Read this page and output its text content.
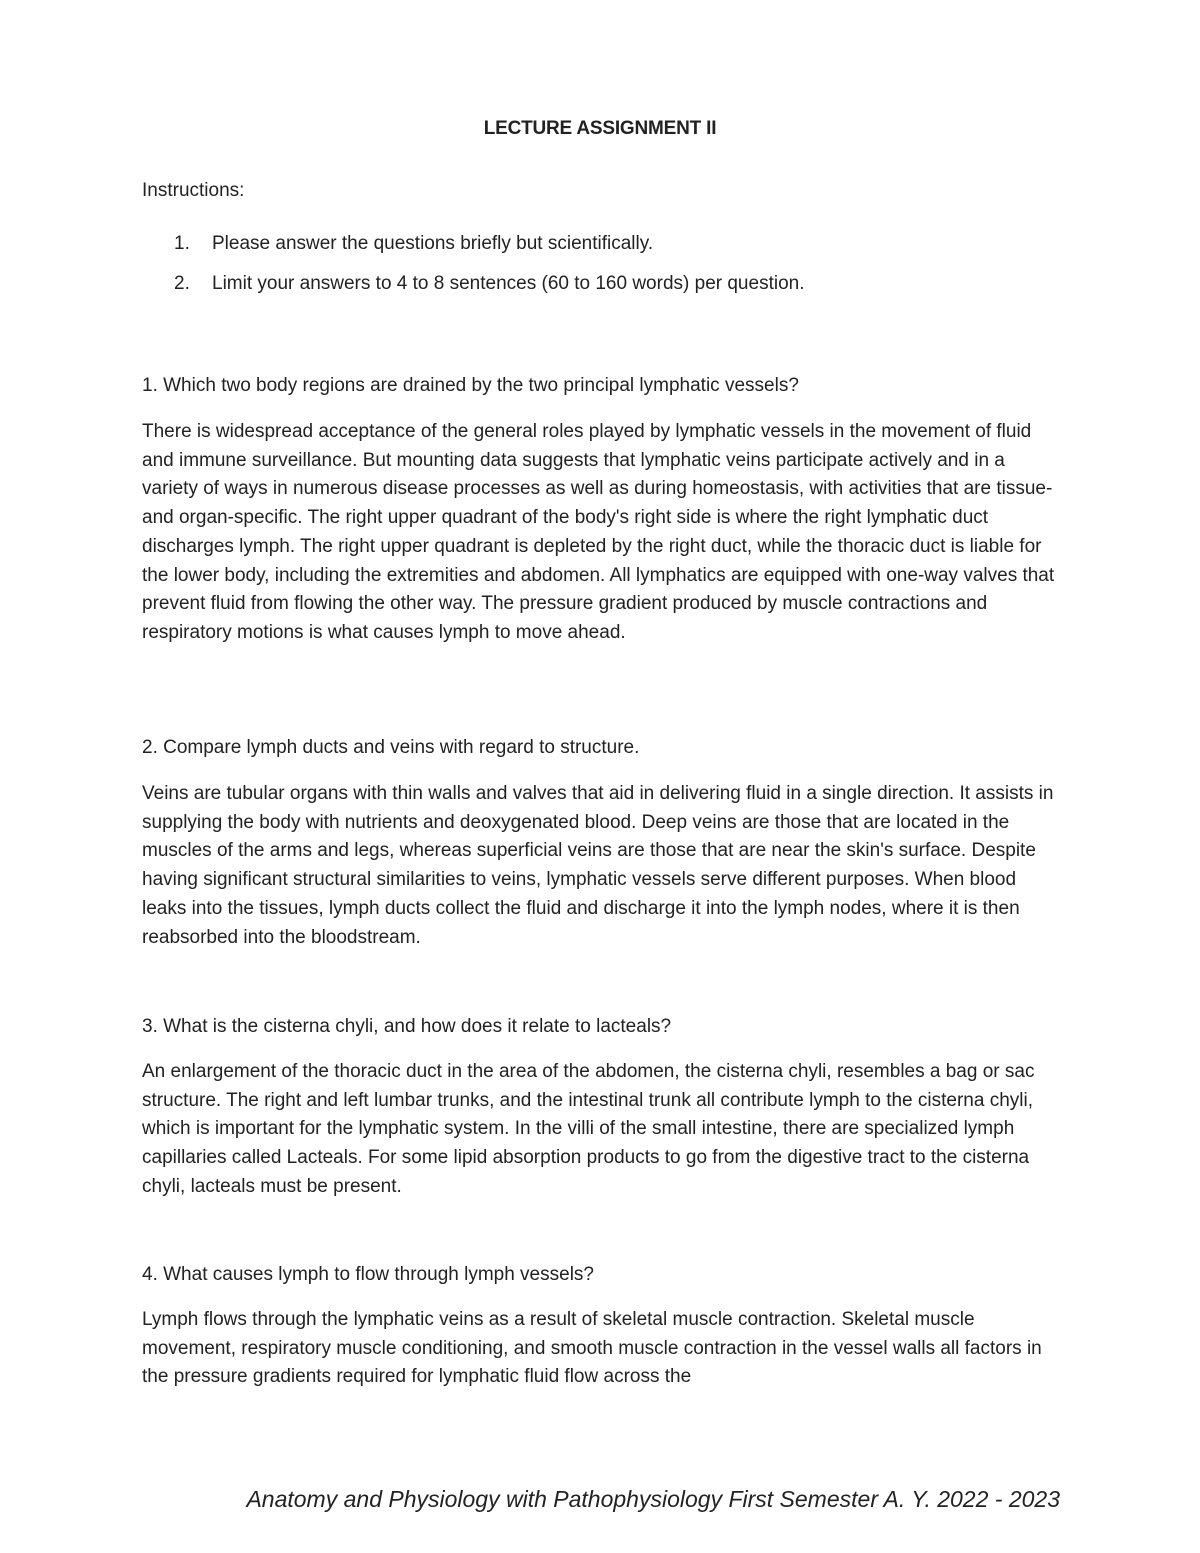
LECTURE ASSIGNMENT II
Instructions:
1. Please answer the questions briefly but scientifically.
2. Limit your answers to 4 to 8 sentences (60 to 160 words) per question.
1. Which two body regions are drained by the two principal lymphatic vessels?

There is widespread acceptance of the general roles played by lymphatic vessels in the movement of fluid and immune surveillance. But mounting data suggests that lymphatic veins participate actively and in a variety of ways in numerous disease processes as well as during homeostasis, with activities that are tissue- and organ-specific. The right upper quadrant of the body's right side is where the right lymphatic duct discharges lymph. The right upper quadrant is depleted by the right duct, while the thoracic duct is liable for the lower body, including the extremities and abdomen. All lymphatics are equipped with one-way valves that prevent fluid from flowing the other way. The pressure gradient produced by muscle contractions and respiratory motions is what causes lymph to move ahead.

2. Compare lymph ducts and veins with regard to structure.

Veins are tubular organs with thin walls and valves that aid in delivering fluid in a single direction. It assists in supplying the body with nutrients and deoxygenated blood. Deep veins are those that are located in the muscles of the arms and legs, whereas superficial veins are those that are near the skin's surface. Despite having significant structural similarities to veins, lymphatic vessels serve different purposes. When blood leaks into the tissues, lymph ducts collect the fluid and discharge it into the lymph nodes, where it is then reabsorbed into the bloodstream.

3. What is the cisterna chyli, and how does it relate to lacteals?

An enlargement of the thoracic duct in the area of the abdomen, the cisterna chyli, resembles a bag or sac structure. The right and left lumbar trunks, and the intestinal trunk all contribute lymph to the cisterna chyli, which is important for the lymphatic system. In the villi of the small intestine, there are specialized lymph capillaries called Lacteals. For some lipid absorption products to go from the digestive tract to the cisterna chyli, lacteals must be present.

4. What causes lymph to flow through lymph vessels?

Lymph flows through the lymphatic veins as a result of skeletal muscle contraction. Skeletal muscle movement, respiratory muscle conditioning, and smooth muscle contraction in the vessel walls all factors in the pressure gradients required for lymphatic fluid flow across the

Anatomy and Physiology with Pathophysiology First Semester A. Y. 2022 - 2023
